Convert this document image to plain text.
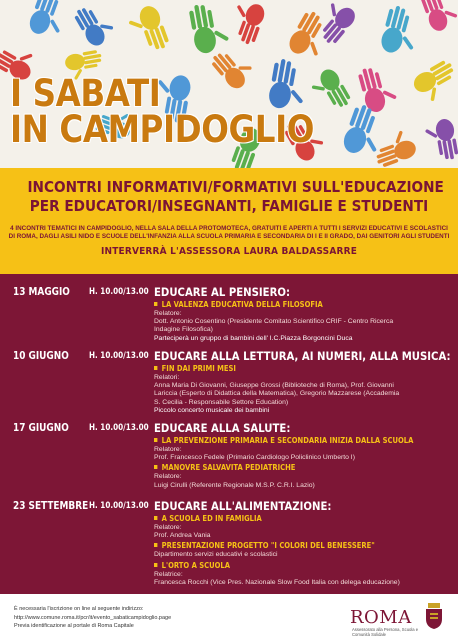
I SABATI
IN CAMPIDOGLIO
INCONTRI INFORMATIVI/FORMATIVI SULL'EDUCAZIONE
PER EDUCATORI/INSEGNANTI, FAMIGLIE E STUDENTI
4 INCONTRI TEMATICI IN CAMPIDOGLIO, NELLA SALA DELLA PROTOMOTECA, GRATUITI E APERTI A TUTTI I SERVIZI EDUCATIVI E SCOLASTICI
DI ROMA, DAGLI ASILI NIDO E SCUOLE DELL'INFANZIA ALLA SCUOLA PRIMARIA E SECONDARIA DI I E II GRADO, DAI GENITORI AGLI STUDENTI
INTERVERRÀ L'ASSESSORA LAURA BALDASSARRE
13 MAGGIO H. 10.00/13.00 EDUCARE AL PENSIERO:
LA VALENZA EDUCATIVA DELLA FILOSOFIA
Relatore:
Dott. Antonio Cosentino (Presidente Comitato Scientifico CRIF - Centro Ricerca
Indagine Filosofica)
Parteciperà un gruppo di bambini dell' I.C.Piazza Borgoncini Duca
10 GIUGNO H. 10.00/13.00 EDUCARE ALLA LETTURA, AI NUMERI, ALLA MUSICA:
FIN DAI PRIMI MESI
Relatori:
Anna Maria Di Giovanni, Giuseppe Grossi (Biblioteche di Roma), Prof. Giovanni
Lariccia (Esperto di Didattica della Matematica), Gregorio Mazzarese (Accademia
S. Cecilia - Responsabile Settore Education)
Piccolo concerto musicale dei bambini
17 GIUGNO H. 10.00/13.00 EDUCARE ALLA SALUTE:
LA PREVENZIONE PRIMARIA E SECONDARIA INIZIA DALLA SCUOLA
Relatore:
Prof. Francesco Fedele (Primario Cardiologo Policlinico Umberto I)
MANOVRE SALVAVITA PEDIATRICHE
Relatore:
Luigi Cirulli (Referente Regionale M.S.P. C.R.I. Lazio)
23 SETTEMBRE H. 10.00/13.00 EDUCARE ALL'ALIMENTAZIONE:
A SCUOLA ED IN FAMIGLIA
Relatore:
Prof. Andrea Vania
PRESENTAZIONE PROGETTO "I COLORI DEL BENESSERE"
Dipartimento servizi educativi e scolastici
L'ORTO A SCUOLA
Relatrice:
Francesca Rocchi (Vice Pres. Nazionale Slow Food Italia con delega educazione)
È necessaria l'iscrizione on line al seguente indirizzo:
http://www.comune.roma.it/pcr/it/evento_sabaticampidoglio.page
Previa identificazione al portale di Roma Capitale	ROMA
Assessorato alla Persona, Scuola e
Comunità Solidale
